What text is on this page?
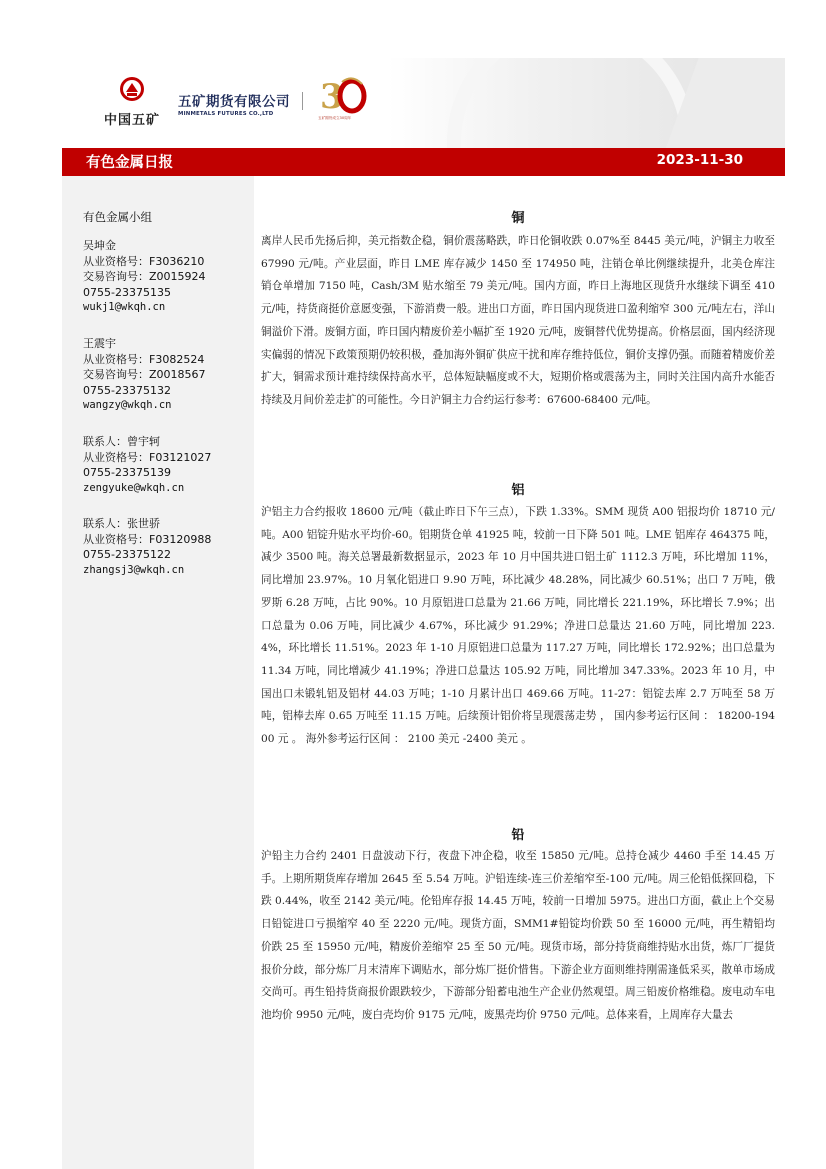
中国五矿
五矿期货有限公司
MINMETALS FUTURES CO.,LTD	3
五矿期货成立30周年
有色金属日报	2023-11-30
有色金属小组
吴坤金
从业资格号：F3036210
交易咨询号：Z0015924
0755-23375135
wukj1@wkqh.cn
王震宇
从业资格号：F3082524
交易咨询号：Z0018567
0755-23375132
wangzy@wkqh.cn
联系人：曾宇轲
从业资格号：F03121027
0755-23375139
zengyuke@wkqh.cn
联系人：张世骄
从业资格号：F03120988
0755-23375122
zhangsj3@wkqh.cn
铜
离岸人民币先扬后抑，美元指数企稳，铜价震荡略跌，昨日伦铜收跌 0.07%至 8445 美元/吨，沪铜主力收至 67990 元/吨。产业层面，昨日 LME 库存减少 1450 至 174950 吨，注销仓单比例继续提升，北美仓库注销仓单增加 7150 吨，Cash/3M 贴水缩至 79 美元/吨。国内方面，昨日上海地区现货升水继续下调至 410 元/吨，持货商挺价意愿变强，下游消费一般。进出口方面，昨日国内现货进口盈利缩窄 300 元/吨左右，洋山铜溢价下滑。废铜方面，昨日国内精废价差小幅扩至 1920 元/吨，废铜替代优势提高。价格层面，国内经济现实偏弱的情况下政策预期仍较积极，叠加海外铜矿供应干扰和库存维持低位，铜价支撑仍强。而随着精废价差扩大，铜需求预计难持续保持高水平，总体短缺幅度或不大，短期价格或震荡为主，同时关注国内高升水能否持续及月间价差走扩的可能性。今日沪铜主力合约运行参考：67600-68400 元/吨。
铝
沪铝主力合约报收 18600 元/吨（截止昨日下午三点），下跌 1.33%。SMM 现货 A00 铝报均价 18710 元/吨。A00 铝锭升贴水平均价-60。铝期货仓单 41925 吨，较前一日下降 501 吨。LME 铝库存 464375 吨，减少 3500 吨。海关总署最新数据显示，2023 年 10 月中国共进口铝土矿 1112.3 万吨，环比增加 11%，同比增加 23.97%。10 月氧化铝进口 9.90 万吨，环比减少 48.28%，同比减少 60.51%；出口 7 万吨，俄罗斯 6.28 万吨，占比 90%。10 月原铝进口总量为 21.66 万吨，同比增长 221.19%，环比增长 7.9%；出口总量为 0.06 万吨，同比减少 4.67%，环比减少 91.29%；净进口总量达 21.60 万吨，同比增加 223.4%，环比增长 11.51%。2023 年 1-10 月原铝进口总量为 117.27 万吨，同比增长 172.92%；出口总量为 11.34 万吨，同比增减少 41.19%；净进口总量达 105.92 万吨，同比增加 347.33%。2023 年 10 月，中国出口未锻轧铝及铝材 44.03 万吨；1-10 月累计出口 469.66 万吨。11-27：铝锭去库 2.7 万吨至 58 万吨，铝棒去库 0.65 万吨至 11.15 万吨。后续预计铝价将呈现震荡走势 ， 国内参考运行区间 ： 18200-19400 元 。 海外参考运行区间 ： 2100 美元 -2400 美元 。
铅
沪铅主力合约 2401 日盘波动下行，夜盘下冲企稳，收至 15850 元/吨。总持仓减少 4460 手至 14.45 万手。上期所期货库存增加 2645 至 5.54 万吨。沪铅连续-连三价差缩窄至-100 元/吨。周三伦铅低探回稳，下跌 0.44%，收至 2142 美元/吨。伦铅库存报 14.45 万吨，较前一日增加 5975。进出口方面，截止上个交易日铅锭进口亏损缩窄 40 至 2220 元/吨。现货方面，SMM1#铅锭均价跌 50 至 16000 元/吨，再生精铅均价跌 25 至 15950 元/吨，精废价差缩窄 25 至 50 元/吨。现货市场，部分持货商维持贴水出货，炼厂厂提货报价分歧，部分炼厂月末清库下调贴水，部分炼厂挺价惜售。下游企业方面则维持刚需逢低采买，散单市场成交尚可。再生铅持货商报价跟跌较少，下游部分铅蓄电池生产企业仍然观望。周三铅废价格维稳。废电动车电池均价 9950 元/吨，废白壳均价 9175 元/吨，废黑壳均价 9750 元/吨。总体来看，上周库存大量去
